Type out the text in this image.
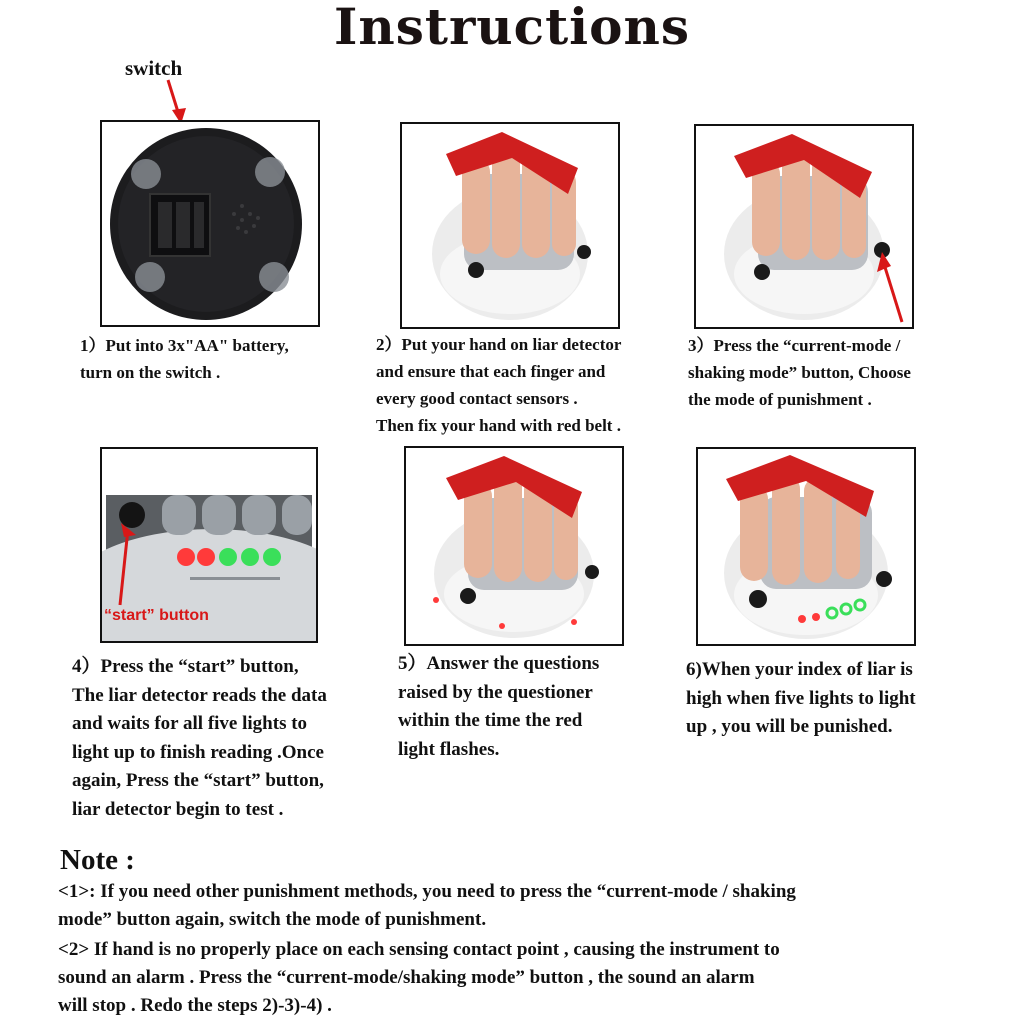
Instructions
switch
1）Put into 3x"AA" battery,
turn on the switch .
2）Put your hand on liar detector
and ensure that each finger and
every good contact sensors .
Then fix your hand with red belt .
3）Press the “current-mode /
shaking mode” button, Choose
the mode of punishment .
“start” button
4）Press the “start” button,
The liar detector reads the data
and waits for all five lights to
light up to finish reading .Once
again, Press the “start” button,
liar detector begin to test .
5）Answer the questions
raised by the questioner
within the time the red
light flashes.
6)When your index of liar is
high when five lights to light
up , you will be punished.
Note :
<1>: If you need other punishment methods, you need to press the “current-mode / shaking
mode” button again, switch the mode of punishment.
<2> If hand is no properly place on each sensing contact point , causing the instrument to
sound an alarm . Press the “current-mode/shaking mode” button , the sound an alarm
will stop . Redo the steps 2)-3)-4) .
